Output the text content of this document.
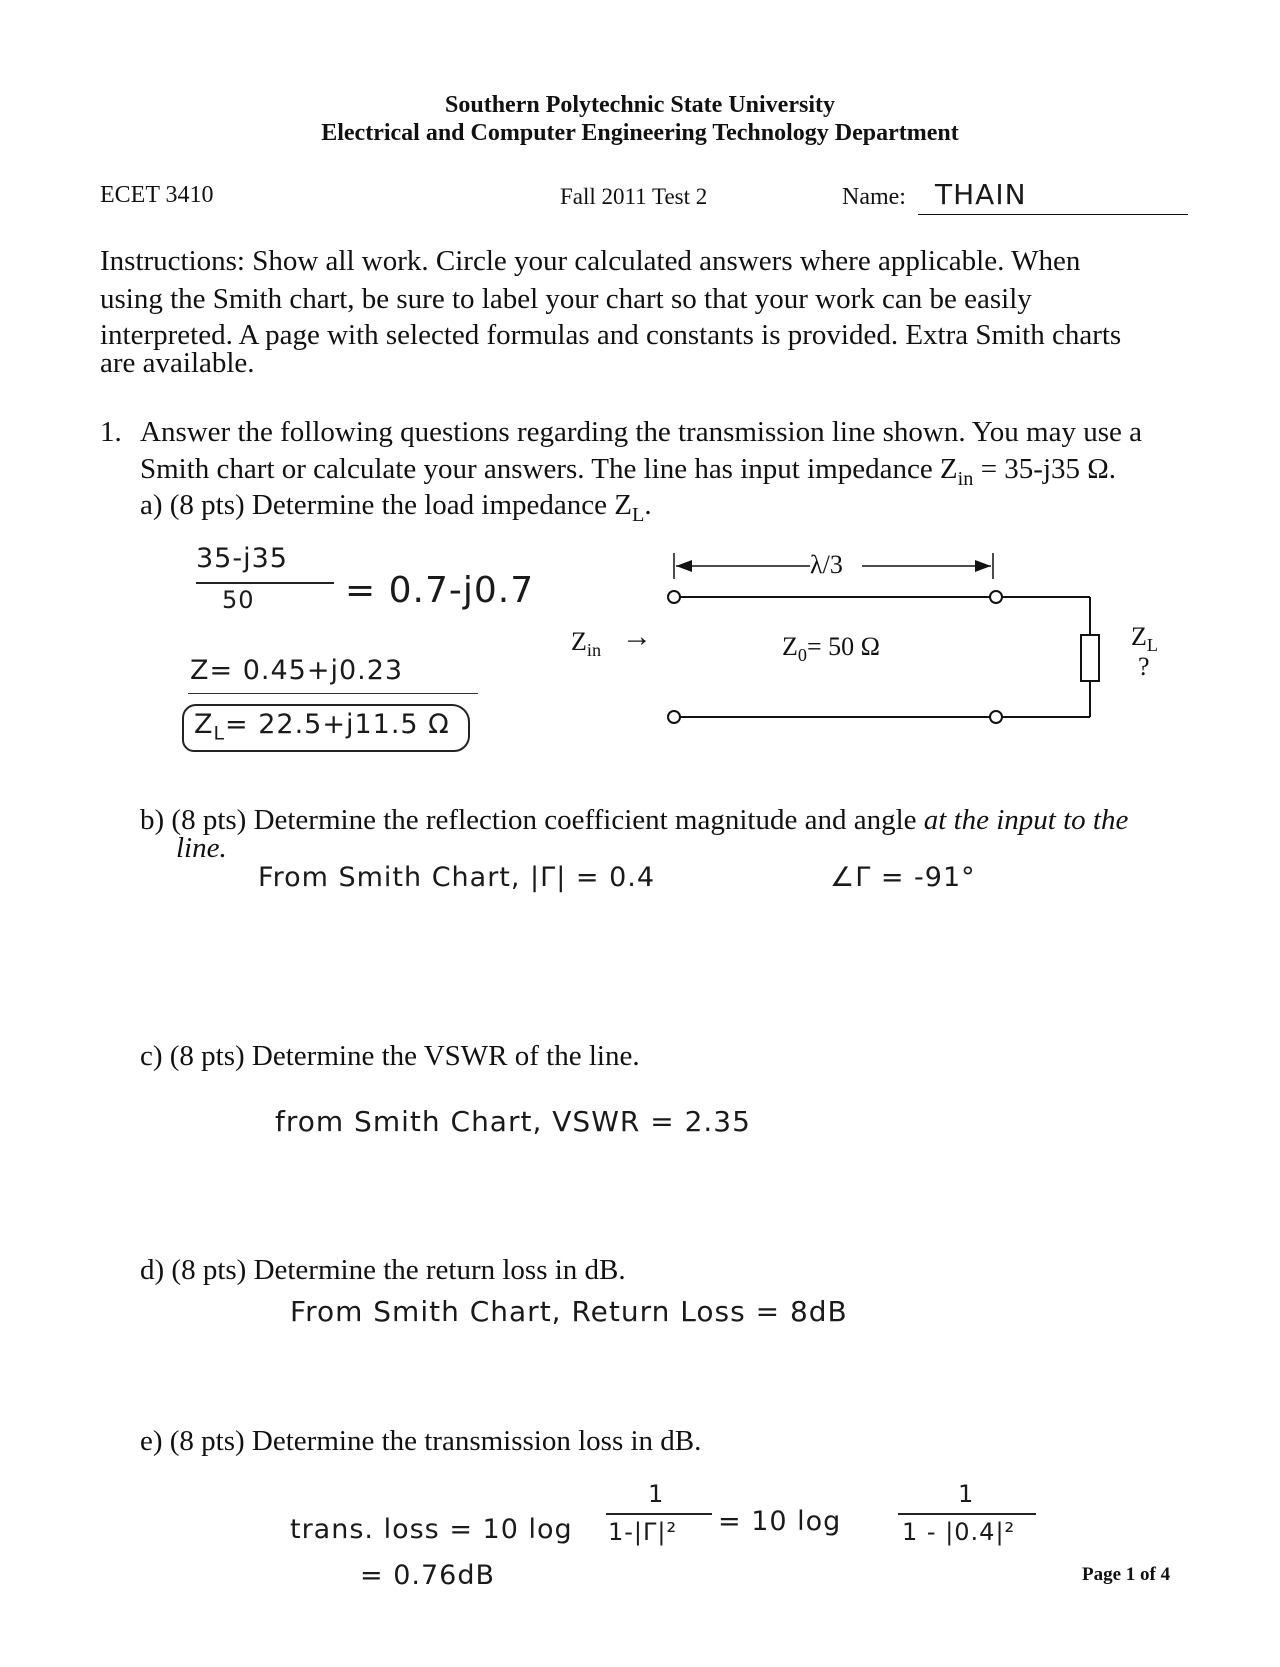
Southern Polytechnic State University
Electrical and Computer Engineering Technology Department
ECET 3410	Fall 2011 Test 2	Name: THAIN
Instructions: Show all work. Circle your calculated answers where applicable. When
using the Smith chart, be sure to label your chart so that your work can be easily
interpreted. A page with selected formulas and constants is provided. Extra Smith charts
are available.
1. Answer the following questions regarding the transmission line shown. You may use a
Smith chart or calculate your answers. The line has input impedance $Z_{in} = 35-j35$ Ω.
a) (8 pts) Determine the load impedance $Z_L$.
35-j35
50	= 0.7-j0.7
Z= 0.45+j0.23
$Z_L= 22.5+j11.5$ Ω
λ/3
$Z_{in}$ →	$Z_0= 50$ Ω	$Z_L$
?
b) (8 pts) Determine the reflection coefficient magnitude and angle at the input to the
line.
From Smith Chart, |Γ| = 0.4	∠Γ = -91°
c) (8 pts) Determine the VSWR of the line.
from Smith Chart, VSWR = 2.35
d) (8 pts) Determine the return loss in dB.
From Smith Chart, Return Loss = 8dB
e) (8 pts) Determine the transmission loss in dB.
trans. loss = 10 log
1
1-|Γ|² = 10 log
1
1 - |0.4|²
= 0.76dB	Page 1 of 4
